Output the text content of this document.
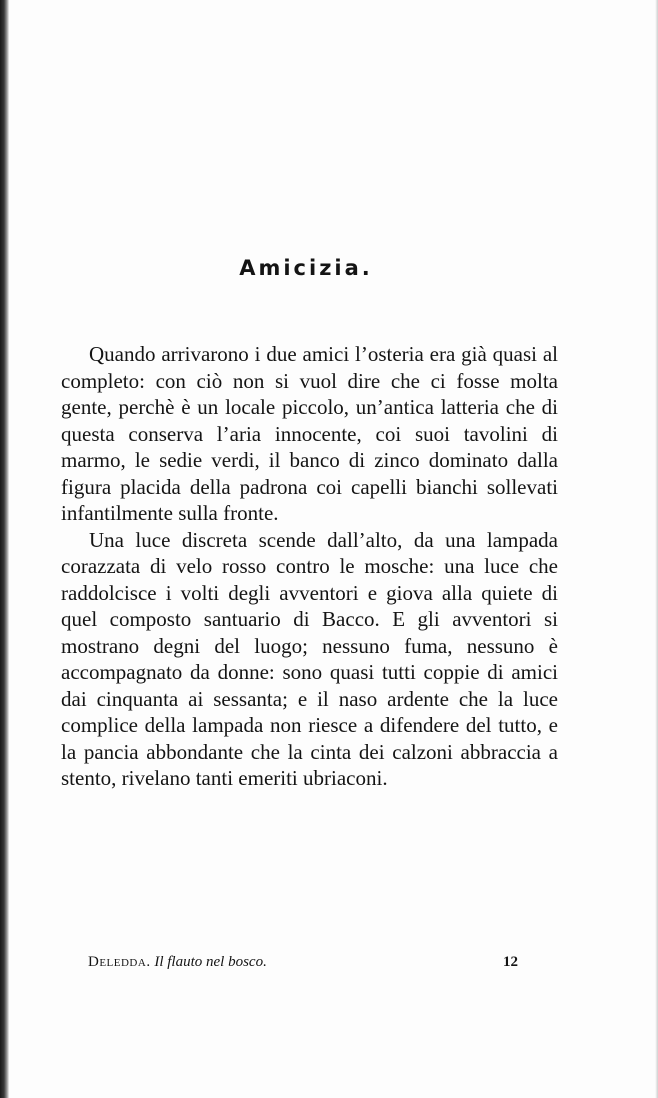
Amicizia.

Quando arrivarono i due amici l’osteria era già quasi al completo: con ciò non si vuol dire che ci fosse molta gente, perchè è un locale piccolo, un’antica latteria che di questa conserva l’aria innocente, coi suoi tavolini di marmo, le sedie verdi, il banco di zinco dominato dalla figura placida della padrona coi capelli bianchi sollevati infantilmente sulla fronte.

Una luce discreta scende dall’alto, da una lampada corazzata di velo rosso contro le mosche: una luce che raddolcisce i volti degli avventori e giova alla quiete di quel composto santuario di Bacco. E gli avventori si mostrano degni del luogo; nessuno fuma, nessuno è accompagnato da donne: sono quasi tutti coppie di amici dai cinquanta ai sessanta; e il naso ardente che la luce complice della lampada non riesce a difendere del tutto, e la pancia abbondante che la cinta dei calzoni abbraccia a stento, rivelano tanti emeriti ubriaconi.

Deledda. Il flauto nel bosco.	12
